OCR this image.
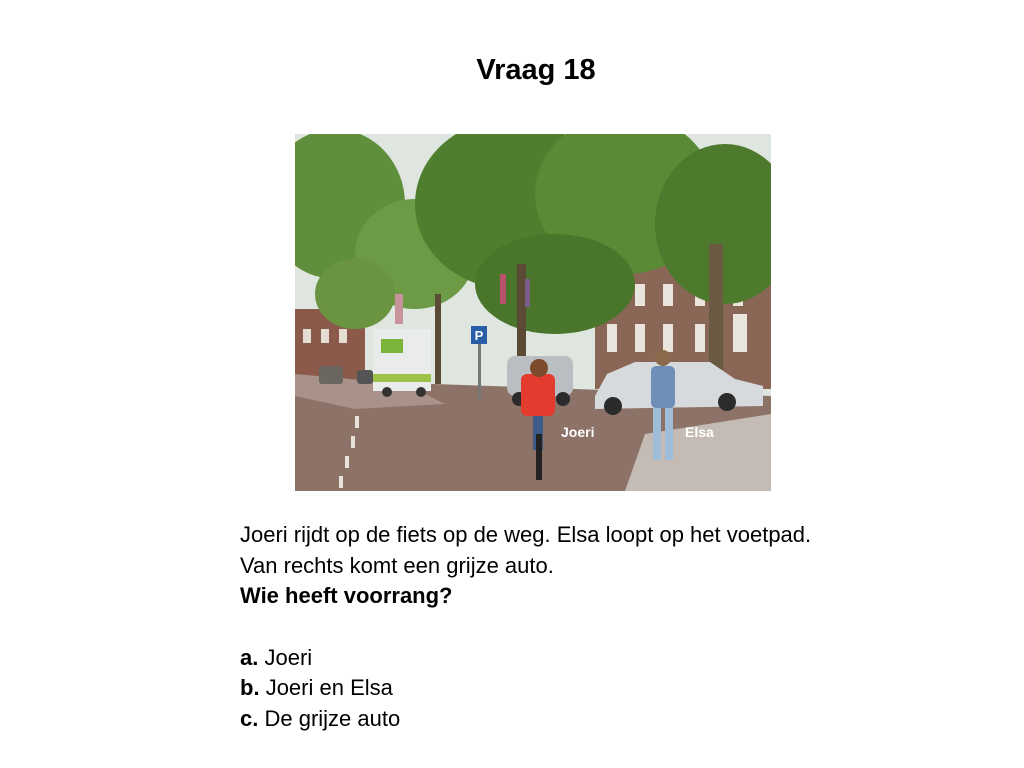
Vraag 18
P
Joeri	Elsa

Joeri rijdt op de fiets op de weg. Elsa loopt op het voetpad.

Van rechts komt een grijze auto.

Wie heeft voorrang?

a. Joeri

b. Joeri en Elsa

c. De grijze auto
